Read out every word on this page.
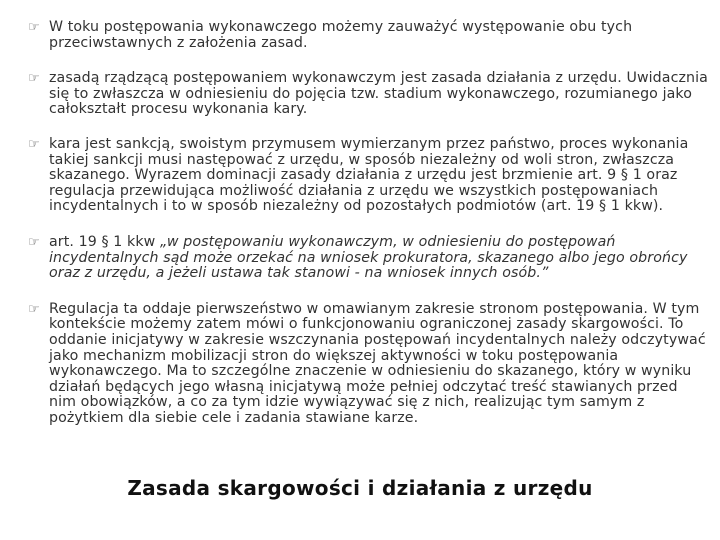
☞ W toku postępowania wykonawczego możemy zauważyć występowanie obu tych przeciwstawnych z założenia zasad.
☞ zasadą rządzącą postępowaniem wykonawczym jest zasada działania z urzędu. Uwidacznia się to zwłaszcza w odniesieniu do pojęcia tzw. stadium wykonawczego, rozumianego jako całokształt procesu wykonania kary.
☞ kara jest sankcją, swoistym przymusem wymierzanym przez państwo, proces wykonania takiej sankcji musi następować z urzędu, w sposób niezależny od woli stron, zwłaszcza skazanego. Wyrazem dominacji zasady działania z urzędu jest brzmienie art. 9 § 1 oraz regulacja przewidująca możliwość działania z urzędu we wszystkich postępowaniach incydentalnych i to w sposób niezależny od pozostałych podmiotów (art. 19 § 1 kkw).
☞ art. 19 § 1 kkw „w postępowaniu wykonawczym, w odniesieniu do postępowań incydentalnych sąd może orzekać na wniosek prokuratora, skazanego albo jego obrońcy oraz z urzędu, a jeżeli ustawa tak stanowi - na wniosek innych osób.”
☞ Regulacja ta oddaje pierwszeństwo w omawianym zakresie stronom postępowania. W tym kontekście możemy zatem mówi o funkcjonowaniu ograniczonej zasady skargowości. To oddanie inicjatywy w zakresie wszczynania postępowań incydentalnych należy odczytywać jako mechanizm mobilizacji stron do większej aktywności w toku postępowania wykonawczego. Ma to szczególne znaczenie w odniesieniu do skazanego, który w wyniku działań będących jego własną inicjatywą może pełniej odczytać treść stawianych przed nim obowiązków, a co za tym idzie wywiązywać się z nich, realizując tym samym z pożytkiem dla siebie cele i zadania stawiane karze.
Zasada skargowości i działania z urzędu
